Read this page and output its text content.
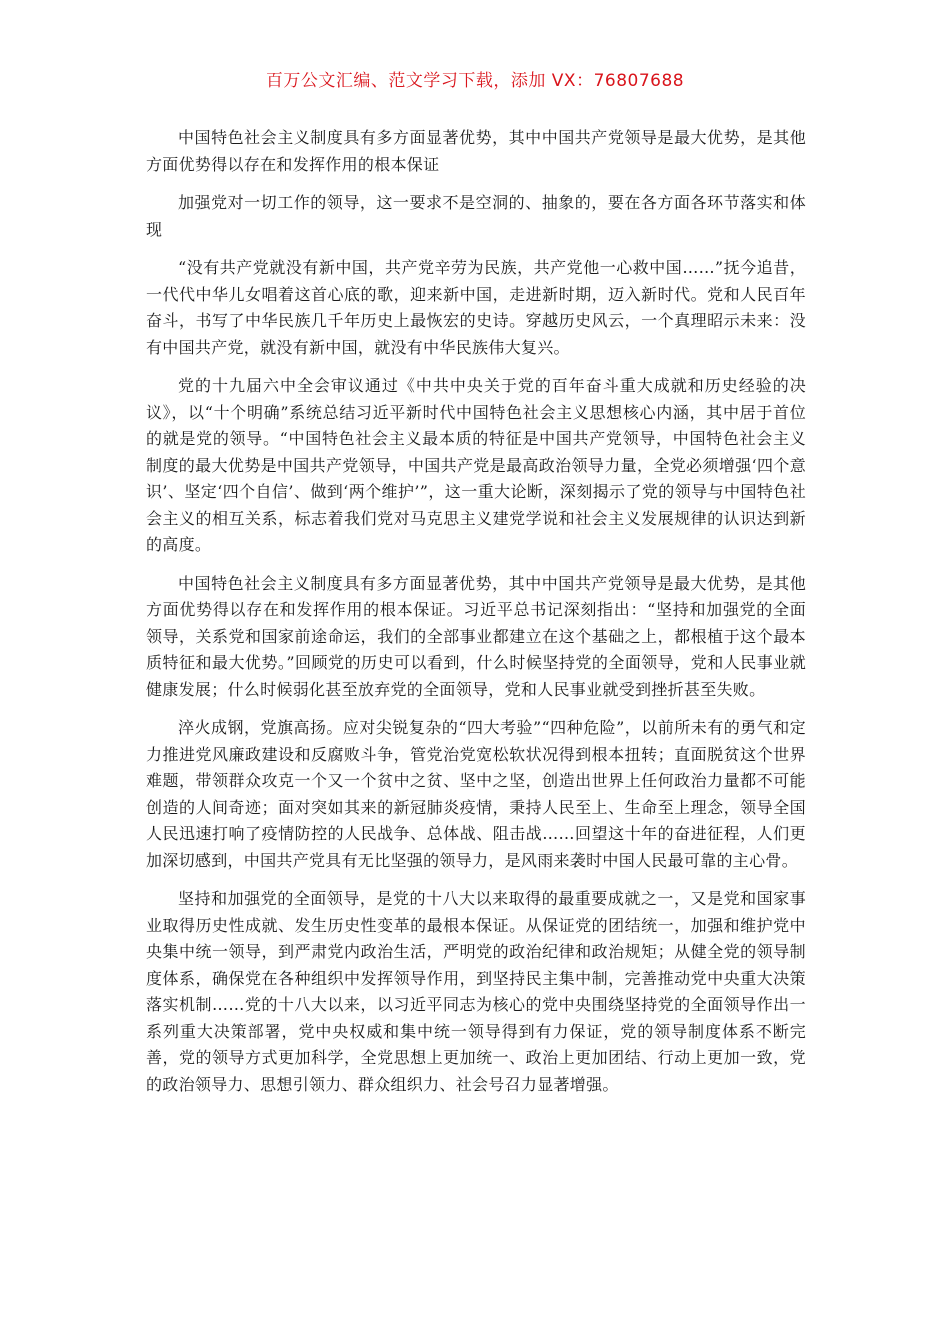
百万公文汇编、范文学习下载，添加 VX：76807688

中国特色社会主义制度具有多方面显著优势，其中中国共产党领导是最大优势，是其他方面优势得以存在和发挥作用的根本保证

加强党对一切工作的领导，这一要求不是空洞的、抽象的，要在各方面各环节落实和体现

“没有共产党就没有新中国，共产党辛劳为民族，共产党他一心救中国……”抚今追昔，一代代中华儿女唱着这首心底的歌，迎来新中国，走进新时期，迈入新时代。党和人民百年奋斗，书写了中华民族几千年历史上最恢宏的史诗。穿越历史风云，一个真理昭示未来：没有中国共产党，就没有新中国，就没有中华民族伟大复兴。

党的十九届六中全会审议通过《中共中央关于党的百年奋斗重大成就和历史经验的决议》，以“十个明确”系统总结习近平新时代中国特色社会主义思想核心内涵，其中居于首位的就是党的领导。“中国特色社会主义最本质的特征是中国共产党领导，中国特色社会主义制度的最大优势是中国共产党领导，中国共产党是最高政治领导力量，全党必须增强‘四个意识’、坚定‘四个自信’、做到‘两个维护’”，这一重大论断，深刻揭示了党的领导与中国特色社会主义的相互关系，标志着我们党对马克思主义建党学说和社会主义发展规律的认识达到新的高度。

中国特色社会主义制度具有多方面显著优势，其中中国共产党领导是最大优势，是其他方面优势得以存在和发挥作用的根本保证。习近平总书记深刻指出：“坚持和加强党的全面领导，关系党和国家前途命运，我们的全部事业都建立在这个基础之上，都根植于这个最本质特征和最大优势。”回顾党的历史可以看到，什么时候坚持党的全面领导，党和人民事业就健康发展；什么时候弱化甚至放弃党的全面领导，党和人民事业就受到挫折甚至失败。

淬火成钢，党旗高扬。应对尖锐复杂的“四大考验”“四种危险”，以前所未有的勇气和定力推进党风廉政建设和反腐败斗争，管党治党宽松软状况得到根本扭转；直面脱贫这个世界难题，带领群众攻克一个又一个贫中之贫、坚中之坚，创造出世界上任何政治力量都不可能创造的人间奇迹；面对突如其来的新冠肺炎疫情，秉持人民至上、生命至上理念，领导全国人民迅速打响了疫情防控的人民战争、总体战、阻击战……回望这十年的奋进征程，人们更加深切感到，中国共产党具有无比坚强的领导力，是风雨来袭时中国人民最可靠的主心骨。

坚持和加强党的全面领导，是党的十八大以来取得的最重要成就之一，又是党和国家事业取得历史性成就、发生历史性变革的最根本保证。从保证党的团结统一，加强和维护党中央集中统一领导，到严肃党内政治生活，严明党的政治纪律和政治规矩；从健全党的领导制度体系，确保党在各种组织中发挥领导作用，到坚持民主集中制，完善推动党中央重大决策落实机制……党的十八大以来，以习近平同志为核心的党中央围绕坚持党的全面领导作出一系列重大决策部署，党中央权威和集中统一领导得到有力保证，党的领导制度体系不断完善，党的领导方式更加科学，全党思想上更加统一、政治上更加团结、行动上更加一致，党的政治领导力、思想引领力、群众组织力、社会号召力显著增强。
